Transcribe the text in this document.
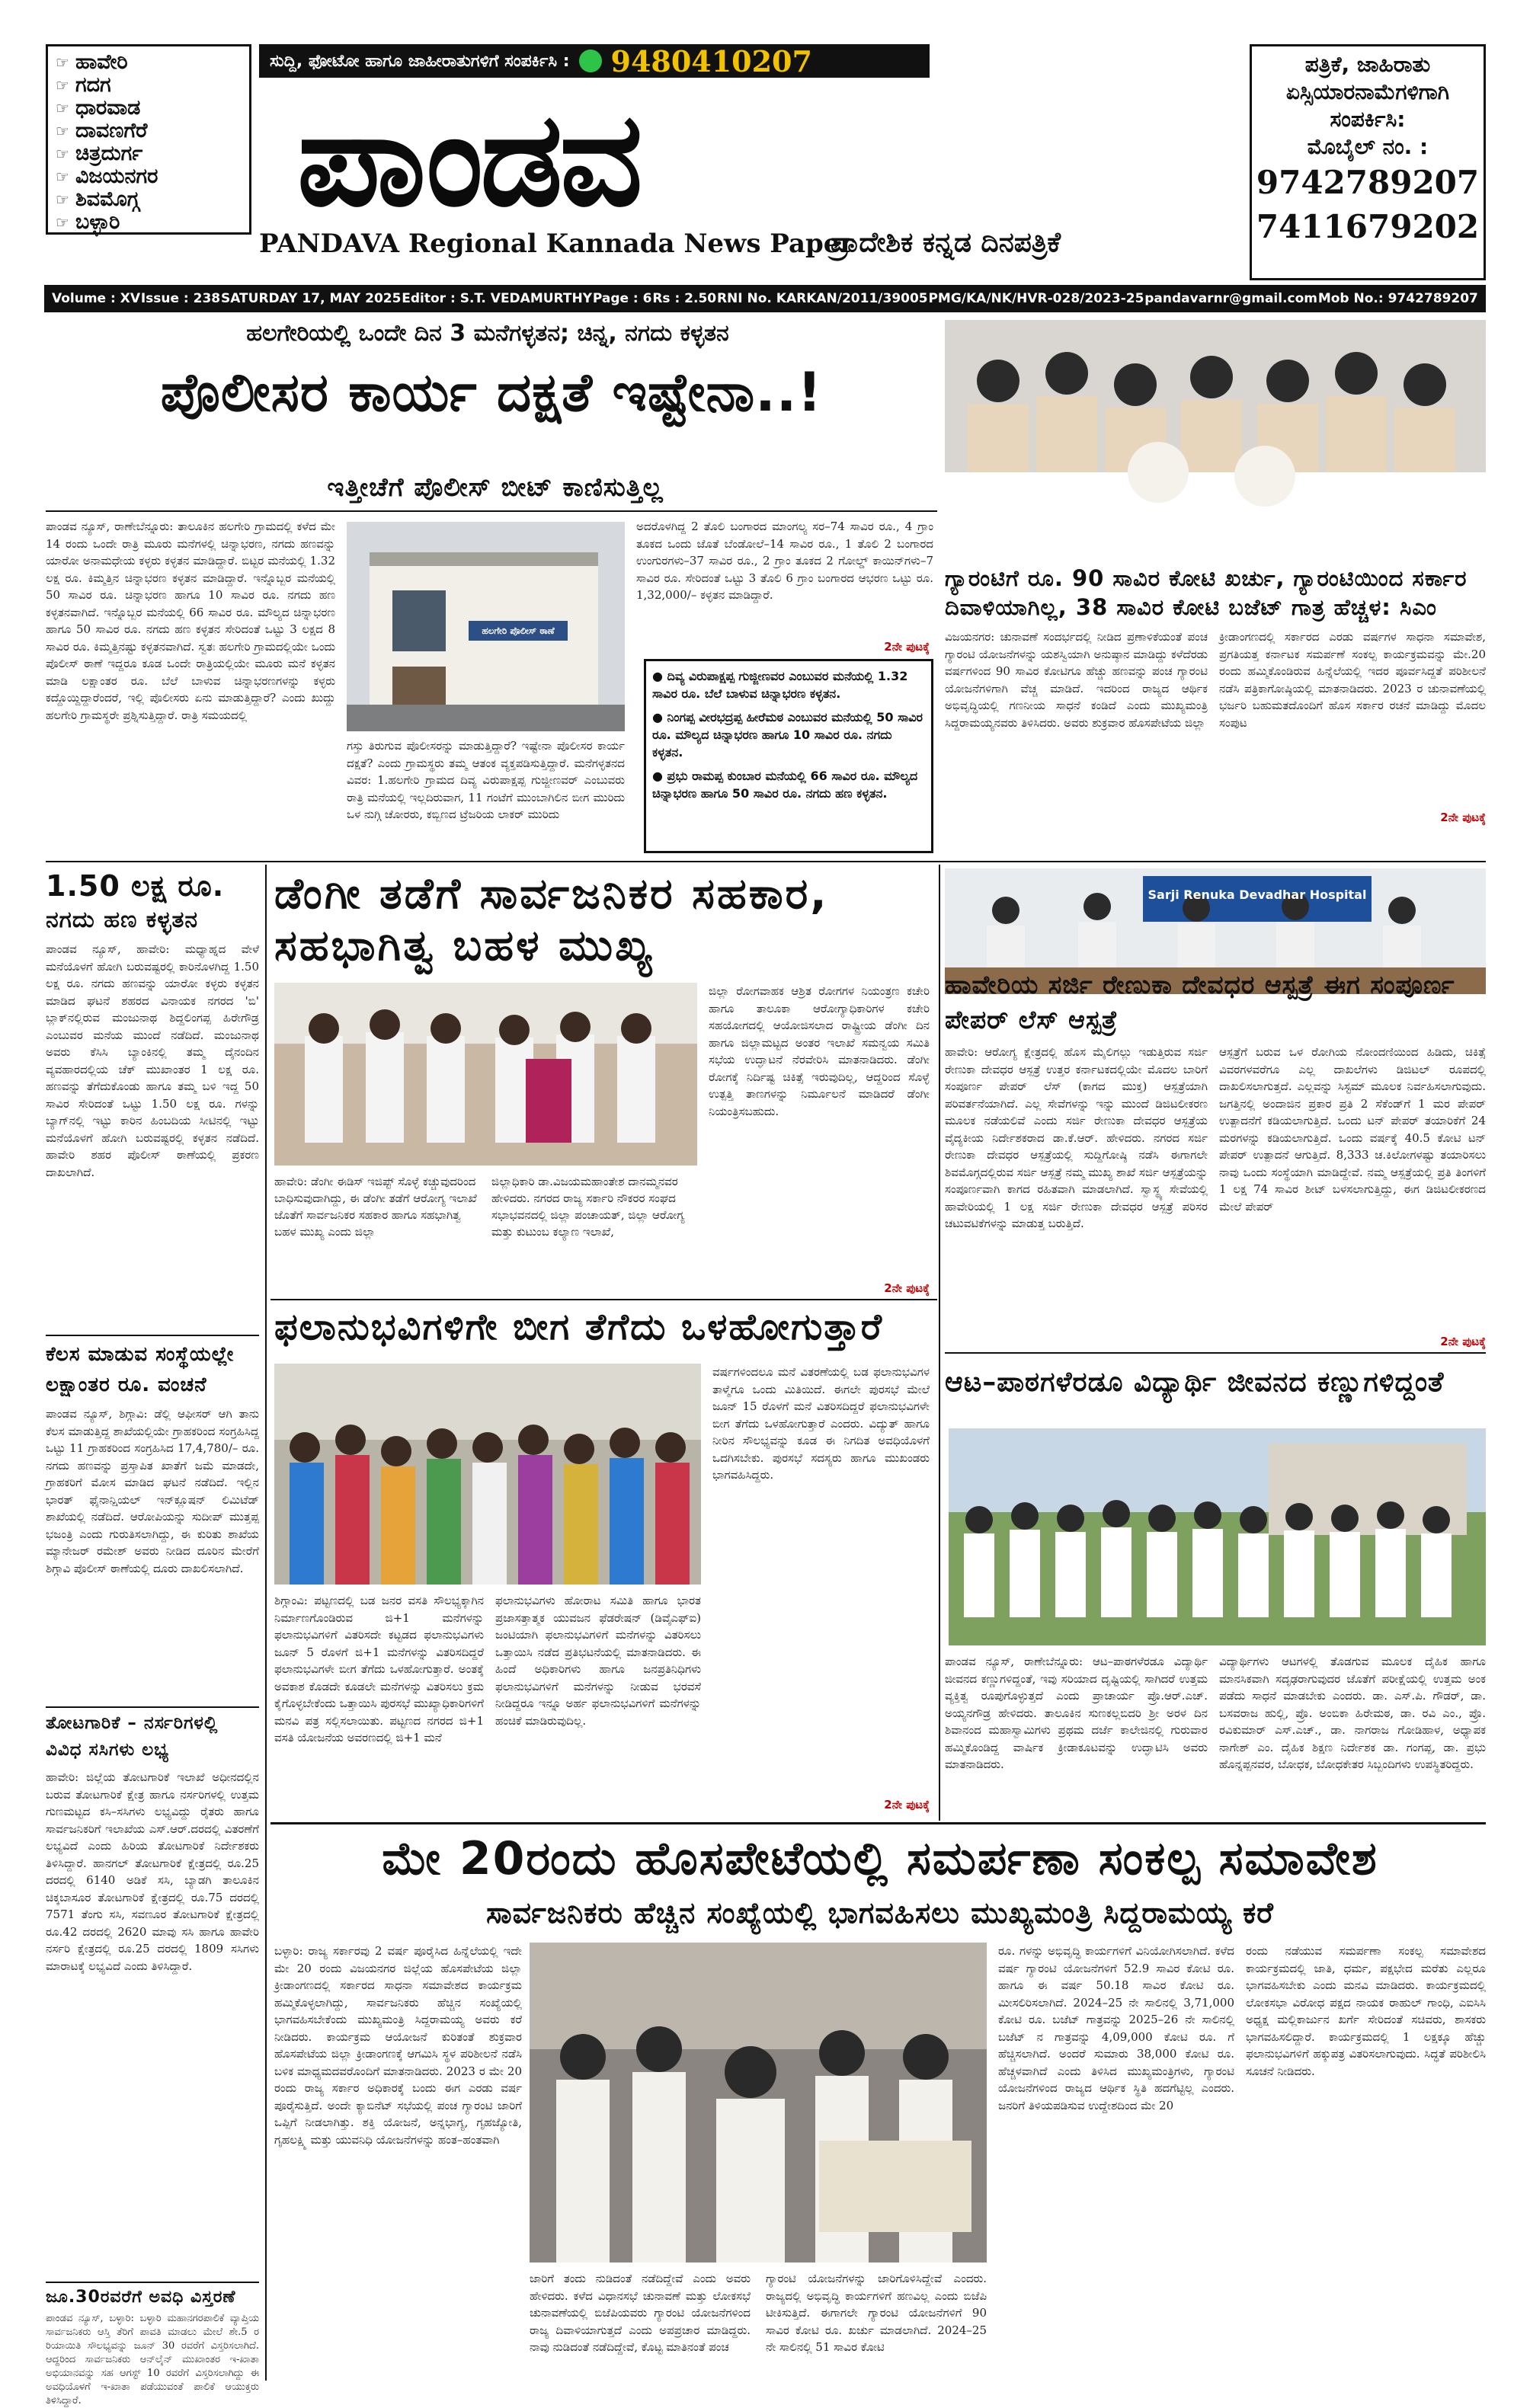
☞ ಹಾವೇರಿ
☞ ಗದಗ
☞ ಧಾರವಾಡ
☞ ದಾವಣಗೆರೆ
☞ ಚಿತ್ರದುರ್ಗ
☞ ವಿಜಯನಗರ
☞ ಶಿವಮೊಗ್ಗ
☞ ಬಳ್ಳಾರಿ
ಸುದ್ದಿ, ಫೋಟೋ ಹಾಗೂ ಜಾಹೀರಾತುಗಳಿಗೆ ಸಂಪರ್ಕಿಸಿ : 9480410207
ಪಾಂಡವ
PANDAVA Regional Kannada News Paper
ಪ್ರಾದೇಶಿಕ ಕನ್ನಡ ದಿನಪತ್ರಿಕೆ
ಪತ್ರಿಕೆ, ಜಾಹಿರಾತು
ಏಸ್ಸಿಯಾರನಾಮೆಗಳಿಗಾಗಿ
ಸಂಪರ್ಕಿಸಿ:
ಮೊಬೈಲ್ ನಂ. :
9742789207
7411679202
Volume : XV Issue : 238 SATURDAY 17, MAY 2025 Editor : S.T. VEDAMURTHY Page : 6 Rs : 2.50 RNI No. KARKAN/2011/39005 PMG/KA/NK/HVR-028/2023-25 pandavarnr@gmail.com Mob No.: 9742789207
ಹಲಗೇರಿಯಲ್ಲಿ ಒಂದೇ ದಿನ 3 ಮನೆಗಳ್ಳತನ; ಚಿನ್ನ, ನಗದು ಕಳ್ಳತನ
ಪೊಲೀಸರ ಕಾರ್ಯ ದಕ್ಷತೆ ಇಷ್ಟೇನಾ..!
ಇತ್ತೀಚೆಗೆ ಪೊಲೀಸ್ ಬೀಟ್ ಕಾಣಿಸುತ್ತಿಲ್ಲ
ಪಾಂಡವ ನ್ಯೂಸ್, ರಾಣೇಬೆನ್ನೂರು: ತಾಲೂಕಿನ ಹಲಗೇರಿ ಗ್ರಾಮದಲ್ಲಿ ಕಳೆದ ಮೇ 14 ರಂದು ಒಂದೇ ರಾತ್ರಿ ಮೂರು ಮನೆಗಳಲ್ಲಿ ಚಿನ್ನಾಭರಣ, ನಗದು ಹಣವನ್ನು ಯಾರೋ ಅನಾಮಧೇಯ ಕಳ್ಳರು ಕಳ್ಳತನ ಮಾಡಿದ್ದಾರೆ. ಬಿಟ್ಟರ ಮನೆಯಲ್ಲಿ 1.32 ಲಕ್ಷ ರೂ. ಕಿಮ್ಮತ್ತಿನ ಚಿನ್ನಾಭರಣ ಕಳ್ಳತನ ಮಾಡಿದ್ದಾರೆ. ಇನ್ನೊಬ್ಬರ ಮನೆಯಲ್ಲಿ 50 ಸಾವಿರ ರೂ. ಚಿನ್ನಾಭರಣ ಹಾಗೂ 10 ಸಾವಿರ ರೂ. ನಗದು ಹಣ ಕಳ್ಳತನವಾಗಿದೆ. ಇನ್ನೊಬ್ಬರ ಮನೆಯಲ್ಲಿ 66 ಸಾವಿರ ರೂ. ಮೌಲ್ಯದ ಚಿನ್ನಾಭರಣ ಹಾಗೂ 50 ಸಾವಿರ ರೂ. ನಗದು ಹಣ ಕಳ್ಳತನ ಸೇರಿದಂತೆ ಒಟ್ಟು 3 ಲಕ್ಷದ 8 ಸಾವಿರ ರೂ. ಕಿಮ್ಮತ್ತಿನಷ್ಟು ಕಳ್ಳತನವಾಗಿದೆ. ಸ್ವತಃ ಹಲಗೇರಿ ಗ್ರಾಮದಲ್ಲಿಯೇ ಒಂದು ಪೊಲೀಸ್ ಠಾಣೆ ಇದ್ದರೂ ಕೂಡ ಒಂದೇ ರಾತ್ರಿಯಲ್ಲಿಯೇ ಮೂರು ಮನೆ ಕಳ್ಳತನ ಮಾಡಿ ಲಕ್ಷಾಂತರ ರೂ. ಬೆಲೆ ಬಾಳುವ ಚಿನ್ನಾಭರಣಗಳನ್ನು ಕಳ್ಳರು ಕದ್ದೊಯ್ದಿದ್ದಾರೆಂದರೆ, ಇಲ್ಲಿ ಪೊಲೀಸರು ಏನು ಮಾಡುತ್ತಿದ್ದಾರೆ? ಎಂದು ಖುದ್ದು ಹಲಗೇರಿ ಗ್ರಾಮಸ್ಥರೇ ಪ್ರಶ್ನಿಸುತ್ತಿದ್ದಾರೆ. ರಾತ್ರಿ ಸಮಯದಲ್ಲಿ
ಹಲಗೇರಿ ಪೊಲೀಸ್ ಠಾಣೆ
ಗಸ್ತು ತಿರುಗುವ ಪೊಲೀಸರನ್ನು ಮಾಡುತ್ತಿದ್ದಾರೆ? ಇಷ್ಟೇನಾ ಪೊಲೀಸರ ಕಾರ್ಯ ದಕ್ಷತೆ? ಎಂದು ಗ್ರಾಮಸ್ಥರು ತಮ್ಮ ಆತಂಕ ವ್ಯಕ್ತಪಡಿಸುತ್ತಿದ್ದಾರೆ. ಮನೆಗಳ್ಳತನದ ವಿವರ: 1.ಹಲಗೇರಿ ಗ್ರಾಮದ ದಿವ್ಯ ವಿರುಪಾಕ್ಷಪ್ಪ ಗುಜ್ಜೀಣವರ್ ಎಂಬುವರು ರಾತ್ರಿ ಮನೆಯಲ್ಲಿ ಇಲ್ಲದಿರುವಾಗ, 11 ಗಂಟೆಗೆ ಮುಂಬಾಗಿಲಿನ ಬೀಗ ಮುರಿದು ಒಳ ನುಗ್ಗಿ ಚೋರರು, ಕಬ್ಬಿಣದ ಟ್ರೆಜರಿಯ ಲಾಕರ್ ಮುರಿದು
ಅದರೊಳಗಿದ್ದ 2 ತೊಲಿ ಬಂಗಾರದ ಮಾಂಗಲ್ಯ ಸರ–74 ಸಾವಿರ ರೂ., 4 ಗ್ರಾಂ ತೂಕದ ಒಂದು ಜೊತೆ ಬೆಂಡೋಲೆ–14 ಸಾವಿರ ರೂ., 1 ತೊಲಿ 2 ಬಂಗಾರದ ಉಂಗುರಗಳು–37 ಸಾವಿರ ರೂ., 2 ಗ್ರಾಂ ತೂಕದ 2 ಗೋಲ್ಡ್ ಕಾಯಿನ್‌ಗಳು–7 ಸಾವಿರ ರೂ. ಸೇರಿದಂತೆ ಒಟ್ಟು 3 ತೊಲಿ 6 ಗ್ರಾಂ ಬಂಗಾರದ ಆಭರಣ ಒಟ್ಟು ರೂ. 1,32,000/– ಕಳ್ಳತನ ಮಾಡಿದ್ದಾರೆ.
2ನೇ ಪುಟಕ್ಕೆ
● ದಿವ್ಯ ವಿರುಪಾಕ್ಷಪ್ಪ ಗುಜ್ಜೀಣವರ ಎಂಬುವರ ಮನೆಯಲ್ಲಿ 1.32 ಸಾವಿರ ರೂ. ಬೆಲೆ ಬಾಳುವ ಚಿನ್ನಾಭರಣ ಕಳ್ಳತನ.
● ನಿಂಗಪ್ಪ ವೀರಭದ್ರಪ್ಪ ಹೀರೆಮಠ ಎಂಬುವರ ಮನೆಯಲ್ಲಿ 50 ಸಾವಿರ ರೂ. ಮೌಲ್ಯದ ಚಿನ್ನಾಭರಣ ಹಾಗೂ 10 ಸಾವಿರ ರೂ. ನಗದು ಕಳ್ಳತನ.
● ಪ್ರಭು ರಾಮಪ್ಪ ಕುಂಬಾರ ಮನೆಯಲ್ಲಿ 66 ಸಾವಿರ ರೂ. ಮೌಲ್ಯದ ಚಿನ್ನಾಭರಣ ಹಾಗೂ 50 ಸಾವಿರ ರೂ. ನಗದು ಹಣ ಕಳ್ಳತನ.
ಗ್ಯಾರಂಟಿಗೆ ರೂ. 90 ಸಾವಿರ ಕೋಟಿ ಖರ್ಚು, ಗ್ಯಾರಂಟಿಯಿಂದ ಸರ್ಕಾರ ದಿವಾಳಿಯಾಗಿಲ್ಲ, 38 ಸಾವಿರ ಕೋಟಿ ಬಜೆಟ್ ಗಾತ್ರ ಹೆಚ್ಚಳ: ಸಿಎಂ
ವಿಜಯನಗರ: ಚುನಾವಣೆ ಸಂದರ್ಭದಲ್ಲಿ ನೀಡಿದ ಪ್ರಣಾಳಿಕೆಯಂತೆ ಪಂಚ ಗ್ಯಾರಂಟಿ ಯೋಜನೆಗಳನ್ನು ಯಶಸ್ವಿಯಾಗಿ ಅನುಷ್ಠಾನ ಮಾಡಿದ್ದು ಕಳೆದೆರಡು ವರ್ಷಗಳಿಂದ 90 ಸಾವಿರ ಕೋಟಿಗೂ ಹೆಚ್ಚು ಹಣವನ್ನು ಪಂಚ ಗ್ಯಾರಂಟಿ ಯೋಜನೆಗಳಿಗಾಗಿ ವೆಚ್ಚ ಮಾಡಿದೆ. ಇದರಿಂದ ರಾಜ್ಯದ ಆರ್ಥಿಕ ಅಭಿವೃದ್ಧಿಯಲ್ಲಿ ಗಣನೀಯ ಸಾಧನೆ ಕಂಡಿದೆ ಎಂದು ಮುಖ್ಯಮಂತ್ರಿ ಸಿದ್ದರಾಮಯ್ಯನವರು ತಿಳಿಸಿದರು. ಅವರು ಶುಕ್ರವಾರ ಹೊಸಪೇಟೆಯ ಜಿಲ್ಲಾ
ಕ್ರೀಡಾಂಗಣದಲ್ಲಿ ಸರ್ಕಾರದ ಎರಡು ವರ್ಷಗಳ ಸಾಧನಾ ಸಮಾವೇಶ, ಪ್ರಗತಿಯತ್ತ ಕರ್ನಾಟಕ ಸಮರ್ಪಣೆ ಸಂಕಲ್ಪ ಕಾರ್ಯಕ್ರಮವನ್ನು ಮೇ.20 ರಂದು ಹಮ್ಮಿಕೊಂಡಿರುವ ಹಿನ್ನೆಲೆಯಲ್ಲಿ ಇದರ ಪೂರ್ವಸಿದ್ದತೆ ಪರಿಶೀಲನೆ ನಡೆಸಿ ಪತ್ರಿಕಾಗೋಷ್ಠಿಯಲ್ಲಿ ಮಾತನಾಡಿದರು. 2023 ರ ಚುನಾವಣೆಯಲ್ಲಿ ಭರ್ಜರಿ ಬಹುಮತದೊಂದಿಗೆ ಹೊಸ ಸರ್ಕಾರ ರಚನೆ ಮಾಡಿದ್ದು ಮೊದಲ ಸಂಪುಟ
2ನೇ ಪುಟಕ್ಕೆ
1.50 ಲಕ್ಷ ರೂ.
ನಗದು ಹಣ ಕಳ್ಳತನ
ಪಾಂಡವ ನ್ಯೂಸ್, ಹಾವೇರಿ: ಮಧ್ಯಾಹ್ನದ ವೇಳೆ ಮನೆಯೊಳಗೆ ಹೋಗಿ ಬರುವಷ್ಟರಲ್ಲಿ ಕಾರಿನೊಳಗಿದ್ದ 1.50 ಲಕ್ಷ ರೂ. ನಗದು ಹಣವನ್ನು ಯಾರೋ ಕಳ್ಳರು ಕಳ್ಳತನ ಮಾಡಿದ ಘಟನೆ ಶಹರದ ವಿನಾಯಕ ನಗರದ 'ಬಿ' ಬ್ಲಾಕ್‌ನಲ್ಲಿರುವ ಮಂಜುನಾಥ ಶಿದ್ದಲಿಂಗಪ್ಪ ಹಿರೇಗೌಡ್ರ ಎಂಬುವರ ಮನೆಯ ಮುಂದೆ ನಡೆದಿದೆ. ಮಂಜುನಾಥ ಅವರು ಕೆಸಿಸಿ ಬ್ಯಾಂಕಿನಲ್ಲಿ ತಮ್ಮ ದೈನಂದಿನ ವ್ಯವಹಾರದಲ್ಲಿಯ ಚೆಕ್ ಮುಖಾಂತರ 1 ಲಕ್ಷ ರೂ. ಹಣವನ್ನು ತೆಗೆದುಕೊಂಡು ಹಾಗೂ ತಮ್ಮ ಬಳಿ ಇದ್ದ 50 ಸಾವಿರ ಸೇರಿದಂತೆ ಒಟ್ಟು 1.50 ಲಕ್ಷ ರೂ. ಗಳನ್ನು ಬ್ಯಾಗ್‌ನಲ್ಲಿ ಇಟ್ಟು ಕಾರಿನ ಹಿಂಬದಿಯ ಸೀಟಿನಲ್ಲಿ ಇಟ್ಟು ಮನೆಯೊಳಗೆ ಹೋಗಿ ಬರುವಷ್ಟರಲ್ಲಿ ಕಳ್ಳತನ ನಡೆದಿದೆ. ಹಾವೇರಿ ಶಹರ ಪೊಲೀಸ್ ಠಾಣೆಯಲ್ಲಿ ಪ್ರಕರಣ ದಾಖಲಾಗಿದೆ.
ಕೆಲಸ ಮಾಡುವ ಸಂಸ್ಥೆಯಲ್ಲೇ
ಲಕ್ಷಾಂತರ ರೂ. ವಂಚನೆ
ಪಾಂಡವ ನ್ಯೂಸ್, ಶಿಗ್ಗಾವಿ: ಡೆಲ್ಲಿ ಆಫೀಸರ್ ಆಗಿ ತಾನು ಕೆಲಸ ಮಾಡುತ್ತಿದ್ದ ಶಾಖೆಯಲ್ಲಿಯೇ ಗ್ರಾಹಕರಿಂದ ಸಂಗ್ರಹಿಸಿದ್ದ ಒಟ್ಟು 11 ಗ್ರಾಹಕರಿಂದ ಸಂಗ್ರಹಿಸಿದ 17,4,780/– ರೂ. ನಗದು ಹಣವನ್ನು ಪ್ರಸ್ತಾಪಿತ ಖಾತೆಗೆ ಜಮೆ ಮಾಡದೇ, ಗ್ರಾಹಕರಿಗೆ ಮೋಸ ಮಾಡಿದ ಘಟನೆ ನಡೆದಿದೆ. ಇಲ್ಲಿನ ಭಾರತ್ ಫೈನಾನ್ಷಿಯಲ್ ಇನ್‌ಕ್ಲೂಷನ್ ಲಿಮಿಟೆಡ್ ಶಾಖೆಯಲ್ಲಿ ನಡೆದಿದೆ. ಆರೋಪಿಯನ್ನು ಸುದೀಪ್ ಮುತ್ತಪ್ಪ ಭಜಂತ್ರಿ ಎಂದು ಗುರುತಿಸಲಾಗಿದ್ದು, ಈ ಕುರಿತು ಶಾಖೆಯ ಮ್ಯಾನೇಜರ್ ರಮೇಶ್ ಅವರು ನೀಡಿದ ದೂರಿನ ಮೇರೆಗೆ ಶಿಗ್ಗಾವಿ ಪೊಲೀಸ್ ಠಾಣೆಯಲ್ಲಿ ದೂರು ದಾಖಲಿಸಲಾಗಿದೆ.
ತೋಟಗಾರಿಕೆ – ನರ್ಸರಿಗಳಲ್ಲಿ
ವಿವಿಧ ಸಸಿಗಳು ಲಭ್ಯ
ಹಾವೇರಿ: ಜಿಲ್ಲೆಯ ತೋಟಗಾರಿಕೆ ಇಲಾಖೆ ಅಧೀನದಲ್ಲಿನ ಬರುವ ತೋಟಗಾರಿಕೆ ಕ್ಷೇತ್ರ ಹಾಗೂ ನರ್ಸರಿಗಳಲ್ಲಿ ಉತ್ತಮ ಗುಣಮಟ್ಟದ ಕಸಿ–ಸಸಿಗಳು ಲಭ್ಯವಿದ್ದು ರೈತರು ಹಾಗೂ ಸಾರ್ವಜನಿಕರಿಗೆ ಇಲಾಖೆಯ ಎಸ್.ಆರ್.ದರದಲ್ಲಿ ವಿತರಣೆಗೆ ಲಭ್ಯವಿದೆ ಎಂದು ಹಿರಿಯ ತೋಟಗಾರಿಕೆ ನಿರ್ದೇಶಕರು ತಿಳಿಸಿದ್ದಾರೆ. ಹಾನಗಲ್ ತೋಟಗಾರಿಕೆ ಕ್ಷೇತ್ರದಲ್ಲಿ ರೂ.25 ದರದಲ್ಲಿ 6140 ಅಡಿಕೆ ಸಸಿ, ಬ್ಯಾಡಗಿ ತಾಲೂಕಿನ ಚಿಕ್ಕಬಾಸೂರ ತೋಟಗಾರಿಕೆ ಕ್ಷೇತ್ರದಲ್ಲಿ ರೂ.75 ದರದಲ್ಲಿ 7571 ತೆಂಗು ಸಸಿ, ಸವಣೂರ ತೋಟಗಾರಿಕೆ ಕ್ಷೇತ್ರದಲ್ಲಿ ರೂ.42 ದರದಲ್ಲಿ 2620 ಮಾವು ಸಸಿ ಹಾಗೂ ಹಾವೇರಿ ನರ್ಸರಿ ಕ್ಷೇತ್ರದಲ್ಲಿ ರೂ.25 ದರದಲ್ಲಿ 1809 ಸಸಿಗಳು ಮಾರಾಟಕ್ಕೆ ಲಭ್ಯವಿದೆ ಎಂದು ತಿಳಿಸಿದ್ದಾರೆ.
ಜೂ.30ರವರೆಗೆ ಅವಧಿ ವಿಸ್ತರಣೆ
ಪಾಂಡವ ನ್ಯೂಸ್, ಬಳ್ಳಾರಿ: ಬಳ್ಳಾರಿ ಮಹಾನಗರಪಾಲಿಕೆ ವ್ಯಾಪ್ತಿಯ ಸಾರ್ವಜನಿಕರು ಆಸ್ತಿ ತೆರಿಗೆ ಪಾವತಿ ಮಾಡಲು ಮೇಲೆ ಶೇ.5 ರ ರಿಯಾಯಿತಿ ಸೌಲಭ್ಯವನ್ನು ಜೂನ್ 30 ರವರೆಗೆ ವಿಸ್ತರಿಸಲಾಗಿದೆ. ಆದ್ದರಿಂದ ಸಾರ್ವಜನಿಕರು ಆನ್‌ಲೈನ್ ಮುಖಾಂತರ ಇ-ಖಾತಾ ಅಭಿಯಾನವನ್ನು ಸಹ ಆಗಸ್ಟ್ 10 ರವರೆಗೆ ವಿಸ್ತರಿಸಲಾಗಿದ್ದು ಈ ಅವಧಿಯೊಳಗೆ ಇ-ಖಾತಾ ಪಡೆಯುವಂತೆ ಪಾಲಿಕೆ ಆಯುಕ್ತರು ತಿಳಿಸಿದ್ದಾರೆ.
ಡೆಂಗೀ ತಡೆಗೆ ಸಾರ್ವಜನಿಕರ ಸಹಕಾರ, ಸಹಭಾಗಿತ್ವ ಬಹಳ ಮುಖ್ಯ
ಹಾವೇರಿ: ಡೆಂಗೀ ಈಡಿಸ್ ಇಜಿಪ್ಟ್ ಸೊಳ್ಳೆ ಕಚ್ಚುವುದರಿಂದ ಬಾಧಿಸುವುದಾಗಿದ್ದು, ಈ ಡೆಂಗೀ ತಡೆಗೆ ಆರೋಗ್ಯ ಇಲಾಖೆ ಜೊತೆಗೆ ಸಾರ್ವಜನಿಕರ ಸಹಕಾರ ಹಾಗೂ ಸಹಭಾಗಿತ್ವ ಬಹಳ ಮುಖ್ಯ ಎಂದು ಜಿಲ್ಲಾ
ಜಿಲ್ಲಾಧಿಕಾರಿ ಡಾ.ವಿಜಯಮಹಾಂತೇಶ ದಾನಮ್ಮನವರ ಹೇಳಿದರು. ನಗರದ ರಾಜ್ಯ ಸರ್ಕಾರಿ ನೌಕರರ ಸಂಘದ ಸಭಾಭವನದಲ್ಲಿ ಜಿಲ್ಲಾ ಪಂಚಾಯತ್, ಜಿಲ್ಲಾ ಆರೋಗ್ಯ ಮತ್ತು ಕುಟುಂಬ ಕಲ್ಯಾಣ ಇಲಾಖೆ,
ಜಿಲ್ಲಾ ರೋಗವಾಹಕ ಆಶ್ರಿತ ರೋಗಗಳ ನಿಯಂತ್ರಣ ಕಚೇರಿ ಹಾಗೂ ತಾಲೂಕಾ ಆರೋಗ್ಯಾಧಿಕಾರಿಗಳ ಕಚೇರಿ ಸಹಯೋಗದಲ್ಲಿ ಆಯೋಜಿಸಲಾದ ರಾಷ್ಟ್ರೀಯ ಡೆಂಗೀ ದಿನ ಹಾಗೂ ಜಿಲ್ಲಾಮಟ್ಟದ ಅಂತರ ಇಲಾಖೆ ಸಮನ್ವಯ ಸಮಿತಿ ಸಭೆಯ ಉದ್ಘಾಟನೆ ನೆರವೇರಿಸಿ ಮಾತನಾಡಿದರು. ಡೆಂಗೀ ರೋಗಕ್ಕೆ ನಿರ್ದಿಷ್ಟ ಚಿಕಿತ್ಸೆ ಇರುವುದಿಲ್ಲ, ಆದ್ದರಿಂದ ಸೊಳ್ಳೆ ಉತ್ಪತ್ತಿ ತಾಣಗಳನ್ನು ನಿರ್ಮೂಲನೆ ಮಾಡಿದರೆ ಡೆಂಗೀ ನಿಯಂತ್ರಿಸಬಹುದು.
2ನೇ ಪುಟಕ್ಕೆ
ಫಲಾನುಭವಿಗಳಿಗೇ ಬೀಗ ತೆಗೆದು ಒಳಹೋಗುತ್ತಾರೆ
ಶಿಗ್ಗಾಂವಿ: ಪಟ್ಟಣದಲ್ಲಿ ಬಡ ಜನರ ವಸತಿ ಸೌಲಭ್ಯಕ್ಕಾಗಿನ ನಿರ್ಮಾಣಗೊಂಡಿರುವ ಜಿ+1 ಮನೆಗಳನ್ನು ಫಲಾನುಭವಿಗಳಿಗೆ ವಿತರಿಸದೇ ಕಟ್ಟಡದ ಫಲಾನುಭವಿಗಳು ಜೂನ್ 5 ರೊಳಗೆ ಜಿ+1 ಮನೆಗಳನ್ನು ವಿತರಿಸದಿದ್ದರೆ ಫಲಾನುಭವಿಗಳೇ ಬೀಗ ತೆಗೆದು ಒಳಹೋಗುತ್ತಾರೆ. ಅಂತಕ್ಕೆ ಅವಕಾಶ ಕೊಡದೇ ಕೂಡಲೇ ಮನೆಗಳನ್ನು ವಿತರಿಸಲು ಕ್ರಮ ಕೈಗೊಳ್ಳಬೇಕೆಂದು ಒತ್ತಾಯಿಸಿ ಪುರಸಭೆ ಮುಖ್ಯಾಧಿಕಾರಿಗಳಿಗೆ ಮನವಿ ಪತ್ರ ಸಲ್ಲಿಸಲಾಯಿತು. ಪಟ್ಟಣದ ನಗರದ ಜಿ+1 ವಸತಿ ಯೋಜನೆಯ ಅವರಣದಲ್ಲಿ ಜಿ+1 ಮನೆ
ಫಲಾನುಭವಿಗಳು ಹೋರಾಟ ಸಮಿತಿ ಹಾಗೂ ಭಾರತ ಪ್ರಜಾಸತ್ತಾತ್ಮಕ ಯುವಜನ ಫೆಡರೇಷನ್ (ಡಿವೈಎಫ್‌ಐ) ಜಂಟಿಯಾಗಿ ಫಲಾನುಭವಿಗಳಿಗೆ ಮನೆಗಳನ್ನು ವಿತರಿಸಲು ಒತ್ತಾಯಿಸಿ ನಡೆದ ಪ್ರತಿಭಟನೆಯಲ್ಲಿ ಮಾತನಾಡಿದರು. ಈ ಹಿಂದೆ ಅಧಿಕಾರಿಗಳು ಹಾಗೂ ಜನಪ್ರತಿನಿಧಿಗಳು ಫಲಾನುಭವಿಗಳಿಗೆ ಮನೆಗಳನ್ನು ನೀಡುವ ಭರವಸೆ ನೀಡಿದ್ದರೂ ಇನ್ನೂ ಅರ್ಹ ಫಲಾನುಭವಿಗಳಿಗೆ ಮನೆಗಳನ್ನು ಹಂಚಿಕೆ ಮಾಡಿರುವುದಿಲ್ಲ.
ವರ್ಷಗಳಿಂದಲೂ ಮನೆ ವಿತರಣೆಯಲ್ಲಿ ಬಡ ಫಲಾನುಭವಿಗಳ ತಾಳ್ಮೆಗೂ ಒಂದು ಮಿತಿಯಿದೆ. ಈಗಲೇ ಪುರಸಭೆ ಮೇಲೆ ಜೂನ್ 15 ರೊಳಗೆ ಮನೆ ವಿತರಿಸದಿದ್ದರೆ ಫಲಾನುಭವಿಗಳೇ ಬೀಗ ತೆಗೆದು ಒಳಹೋಗುತ್ತಾರೆ ಎಂದರು. ವಿದ್ಯುತ್ ಹಾಗೂ ನೀರಿನ ಸೌಲಭ್ಯವನ್ನು ಕೂಡ ಈ ನಿಗದಿತ ಅವಧಿಯೊಳಗೆ ಒದಗಿಸಬೇಕು. ಪುರಸಭೆ ಸದಸ್ಯರು ಹಾಗೂ ಮುಖಂಡರು ಭಾಗವಹಿಸಿದ್ದರು.
2ನೇ ಪುಟಕ್ಕೆ
Sarji Renuka Devadhar Hospital
ಹಾವೇರಿಯ ಸರ್ಜಿ ರೇಣುಕಾ ದೇವಧರ ಆಸ್ಪತ್ರೆ ಈಗ ಸಂಪೂರ್ಣ ಪೇಪರ್ ಲೆಸ್ ಆಸ್ಪತ್ರೆ
ಹಾವೇರಿ: ಆರೋಗ್ಯ ಕ್ಷೇತ್ರದಲ್ಲಿ ಹೊಸ ಮೈಲಿಗಲ್ಲು ಇಡುತ್ತಿರುವ ಸರ್ಜಿ ರೇಣುಕಾ ದೇವಧರ ಆಸ್ಪತ್ರೆ ಉತ್ತರ ಕರ್ನಾಟಕದಲ್ಲಿಯೇ ಮೊದಲ ಬಾರಿಗೆ ಸಂಪೂರ್ಣ ಪೇಪರ್ ಲೆಸ್ (ಕಾಗದ ಮುಕ್ತ) ಆಸ್ಪತ್ರೆಯಾಗಿ ಪರಿವರ್ತನೆಯಾಗಿದೆ. ಎಲ್ಲ ಸೇವೆಗಳನ್ನು ಇನ್ನು ಮುಂದೆ ಡಿಜಿಟಲೀಕರಣ ಮೂಲಕ ನಡೆಯಲಿವೆ ಎಂದು ಸರ್ಜಿ ರೇಣುಕಾ ದೇವಧರ ಆಸ್ಪತ್ರೆಯ ವೈದ್ಯಕೀಯ ನಿರ್ದೇಶಕರಾದ ಡಾ.ಕೆ.ಆರ್. ಹೇಳಿದರು. ನಗರದ ಸರ್ಜಿ ರೇಣುಕಾ ದೇವಧರ ಆಸ್ಪತ್ರೆಯಲ್ಲಿ ಸುದ್ದಿಗೋಷ್ಠಿ ನಡೆಸಿ ಈಗಾಗಲೇ ಶಿವಮೊಗ್ಗದಲ್ಲಿರುವ ಸರ್ಜಿ ಆಸ್ಪತ್ರೆ ನಮ್ಮ ಮುಖ್ಯ ಶಾಖೆ ಸರ್ಜಿ ಆಸ್ಪತ್ರೆಯನ್ನು ಸಂಪೂರ್ಣವಾಗಿ ಕಾಗದ ರಹಿತವಾಗಿ ಮಾಡಲಾಗಿದೆ. ಸ್ವಾಸ್ಥ್ಯ ಸೇವೆಯಲ್ಲಿ ಹಾವೇರಿಯಲ್ಲಿ 1 ಲಕ್ಷ ಸರ್ಜಿ ರೇಣುಕಾ ದೇವಧರ ಆಸ್ಪತ್ರೆ ಪರಿಸರ ಚಟುವಟಿಕೆಗಳನ್ನು ಮಾಡುತ್ತ ಬರುತ್ತಿದೆ.
ಆಸ್ಪತ್ರೆಗೆ ಬರುವ ಒಳ ರೋಗಿಯ ನೋಂದಣಿಯಿಂದ ಹಿಡಿದು, ಚಿಕಿತ್ಸೆ ವಿವರಗಳವರೆಗೂ ಎಲ್ಲ ದಾಖಲೆಗಳು ಡಿಜಿಟಲ್ ರೂಪದಲ್ಲಿ ದಾಖಲಿಸಲಾಗುತ್ತದೆ. ಎಲ್ಲವನ್ನು ಸಿಸ್ಟಮ್ ಮೂಲಕ ನಿರ್ವಹಿಸಲಾಗುವುದು. ಜಗತ್ತಿನಲ್ಲಿ ಅಂದಾಜಿನ ಪ್ರಕಾರ ಪ್ರತಿ 2 ಸೆಕೆಂಡ್‌ಗೆ 1 ಮರ ಪೇಪರ್ ಉತ್ಪಾದನೆಗೆ ಕಡಿಯಲಾಗುತ್ತಿದೆ. ಒಂದು ಟನ್ ಪೇಪರ್ ತಯಾರಿಕೆಗೆ 24 ಮರಗಳನ್ನು ಕಡಿಯಲಾಗುತ್ತಿದೆ. ಒಂದು ವರ್ಷಕ್ಕೆ 40.5 ಕೋಟಿ ಟನ್ ಪೇಪರ್ ಉತ್ಪಾದನೆ ಆಗುತ್ತಿದೆ. 8,333 ಚ.ಕಿಲೋಗಳಷ್ಟು ತಯಾರಿಸಲು ನಾವು ಒಂದು ಸಂಸ್ಥೆಯಾಗಿ ಮಾಡಿದ್ದೇವೆ. ನಮ್ಮ ಆಸ್ಪತ್ರೆಯಲ್ಲಿ ಪ್ರತಿ ತಿಂಗಳಿಗೆ 1 ಲಕ್ಷ 74 ಸಾವಿರ ಶೀಟ್ ಬಳಸಲಾಗುತ್ತಿದ್ದು, ಈಗ ಡಿಜಿಟಲೀಕರಣದ ಮೇಲೆ ಪೇಪರ್
2ನೇ ಪುಟಕ್ಕೆ
ಆಟ–ಪಾಠಗಳೆರಡೂ ವಿದ್ಯಾರ್ಥಿ ಜೀವನದ ಕಣ್ಣುಗಳಿದ್ದಂತೆ
ಪಾಂಡವ ನ್ಯೂಸ್, ರಾಣೇಬೆನ್ನೂರು: ಆಟ–ಪಾಠಗಳೆರಡೂ ವಿದ್ಯಾರ್ಥಿ ಜೀವನದ ಕಣ್ಣುಗಳಿದ್ದಂತೆ, ಇವು ಸರಿಯಾದ ದೃಷ್ಟಿಯಲ್ಲಿ ಸಾಗಿದರೆ ಉತ್ತಮ ವ್ಯಕ್ತಿತ್ವ ರೂಪುಗೊಳ್ಳುತ್ತದೆ ಎಂದು ಪ್ರಾಚಾರ್ಯ ಪ್ರೊ.ಆರ್.ಎಚ್. ಅಯ್ಯನಗೌಡ್ರ ಹೇಳಿದರು. ತಾಲೂಕಿನ ಸುಣಕಲ್ಲಬಿದರಿ ಶ್ರೀ ಅರಳ ದಿನ ಶಿವಾನಂದ ಮಹಾಸ್ವಾಮಿಗಳು ಪ್ರಥಮ ದರ್ಜೆ ಕಾಲೇಜಿನಲ್ಲಿ ಗುರುವಾರ ಹಮ್ಮಿಕೊಂಡಿದ್ದ ವಾರ್ಷಿಕ ಕ್ರೀಡಾಕೂಟವನ್ನು ಉದ್ಘಾಟಿಸಿ ಅವರು ಮಾತನಾಡಿದರು.
ವಿದ್ಯಾರ್ಥಿಗಳು ಆಟಗಳಲ್ಲಿ ತೊಡಗುವ ಮೂಲಕ ದೈಹಿಕ ಹಾಗೂ ಮಾನಸಿಕವಾಗಿ ಸದೃಢರಾಗುವುದರ ಜೊತೆಗೆ ಪರೀಕ್ಷೆಯಲ್ಲಿ ಉತ್ತಮ ಅಂಕ ಪಡೆದು ಸಾಧನೆ ಮಾಡಬೇಕು ಎಂದರು. ಡಾ. ಎಸ್.ಪಿ. ಗೌಡರ್, ಡಾ. ಬಸವರಾಜ ಹುಲ್ಲಿ, ಪ್ರೊ. ಅಂಬಿಕಾ ಹಿರೇಮಠ, ಡಾ. ರವಿ ಎಂ., ಪ್ರೊ. ರವಿಕುಮಾರ್ ಎಸ್.ಎಚ್., ಡಾ. ನಾಗರಾಜ ಗೋಡಿಹಾಳ, ಅಧ್ಯಾಪಕ ನಾಗೇಶ್ ಎಂ. ದೈಹಿಕ ಶಿಕ್ಷಣ ನಿರ್ದೇಶಕ ಡಾ. ಗಂಗಪ್ಪ, ಡಾ. ಪ್ರಭು ಹೊನ್ನಪ್ಪನವರ, ಬೋಧಕ, ಬೋಧಕೇತರ ಸಿಬ್ಬಂದಿಗಳು ಉಪಸ್ಥಿತರಿದ್ದರು.
ಮೇ 20ರಂದು ಹೊಸಪೇಟೆಯಲ್ಲಿ ಸಮರ್ಪಣಾ ಸಂಕಲ್ಪ ಸಮಾವೇಶ
ಸಾರ್ವಜನಿಕರು ಹೆಚ್ಚಿನ ಸಂಖ್ಯೆಯಲ್ಲಿ ಭಾಗವಹಿಸಲು ಮುಖ್ಯಮಂತ್ರಿ ಸಿದ್ದರಾಮಯ್ಯ ಕರೆ
ಬಳ್ಳಾರಿ: ರಾಜ್ಯ ಸರ್ಕಾರವು 2 ವರ್ಷ ಪೂರೈಸಿದ ಹಿನ್ನೆಲೆಯಲ್ಲಿ ಇದೇ ಮೇ 20 ರಂದು ವಿಜಯನಗರ ಜಿಲ್ಲೆಯ ಹೊಸಪೇಟೆಯ ಜಿಲ್ಲಾ ಕ್ರೀಡಾಂಗಣದಲ್ಲಿ ಸರ್ಕಾರದ ಸಾಧನಾ ಸಮಾವೇಶದ ಕಾರ್ಯಕ್ರಮ ಹಮ್ಮಿಕೊಳ್ಳಲಾಗಿದ್ದು, ಸಾರ್ವಜನಿಕರು ಹೆಚ್ಚಿನ ಸಂಖ್ಯೆಯಲ್ಲಿ ಭಾಗವಹಿಸಬೇಕೆಂದು ಮುಖ್ಯಮಂತ್ರಿ ಸಿದ್ದರಾಮಯ್ಯ ಅವರು ಕರೆ ನೀಡಿದರು. ಕಾರ್ಯಕ್ರಮ ಆಯೋಜನೆ ಕುರಿತಂತೆ ಶುಕ್ರವಾರ ಹೊಸಪೇಟೆಯ ಜಿಲ್ಲಾ ಕ್ರೀಡಾಂಗಣಕ್ಕೆ ಆಗಮಿಸಿ ಸ್ಥಳ ಪರಿಶೀಲನೆ ನಡೆಸಿ ಬಳಿಕ ಮಾಧ್ಯಮದವರೊಂದಿಗೆ ಮಾತನಾಡಿದರು. 2023 ರ ಮೇ 20 ರಂದು ರಾಜ್ಯ ಸರ್ಕಾರ ಅಧಿಕಾರಕ್ಕೆ ಬಂದು ಈಗ ಎರಡು ವರ್ಷ ಪೂರೈಸುತ್ತಿದೆ. ಅಂದೇ ಕ್ಯಾಬಿನೆಟ್ ಸಭೆಯಲ್ಲಿ ಪಂಚ ಗ್ಯಾರಂಟಿ ಜಾರಿಗೆ ಒಪ್ಪಿಗೆ ನೀಡಲಾಗಿತ್ತು. ಶಕ್ತಿ ಯೋಜನೆ, ಅನ್ನಭಾಗ್ಯ, ಗೃಹಜ್ಯೋತಿ, ಗೃಹಲಕ್ಷ್ಮಿ ಮತ್ತು ಯುವನಿಧಿ ಯೋಜನೆಗಳನ್ನು ಹಂತ–ಹಂತವಾಗಿ
ಜಾರಿಗೆ ತಂದು ನುಡಿದಂತೆ ನಡೆದಿದ್ದೇವೆ ಎಂದು ಅವರು ಹೇಳಿದರು. ಕಳೆದ ವಿಧಾನಸಭೆ ಚುನಾವಣೆ ಮತ್ತು ಲೋಕಸಭೆ ಚುನಾವಣೆಯಲ್ಲಿ ಬಿಜೆಪಿಯವರು ಗ್ಯಾರಂಟಿ ಯೋಜನೆಗಳಿಂದ ರಾಜ್ಯ ದಿವಾಳಿಯಾಗುತ್ತದೆ ಎಂದು ಅಪಪ್ರಚಾರ ಮಾಡಿದ್ದರು. ನಾವು ನುಡಿದಂತೆ ನಡೆದಿದ್ದೇವೆ, ಕೊಟ್ಟ ಮಾತಿನಂತೆ ಪಂಚ
ಗ್ಯಾರಂಟಿ ಯೋಜನೆಗಳನ್ನು ಜಾರಿಗೊಳಿಸಿದ್ದೇವೆ ಎಂದರು. ರಾಜ್ಯದಲ್ಲಿ ಅಭಿವೃದ್ಧಿ ಕಾರ್ಯಗಳಿಗೆ ಹಣವಿಲ್ಲ ಎಂದು ಬಿಜೆಪಿ ಟೀಕಿಸುತ್ತಿದೆ. ಈಗಾಗಲೇ ಗ್ಯಾರಂಟಿ ಯೋಜನೆಗಳಿಗೆ 90 ಸಾವಿರ ಕೋಟಿ ರೂ. ಖರ್ಚು ಮಾಡಲಾಗಿದೆ. 2024–25 ನೇ ಸಾಲಿನಲ್ಲಿ 51 ಸಾವಿರ ಕೋಟಿ
ರೂ. ಗಳನ್ನು ಅಭಿವೃದ್ಧಿ ಕಾರ್ಯಗಳಿಗೆ ವಿನಿಯೋಗಿಸಲಾಗಿದೆ. ಕಳೆದ ವರ್ಷ ಗ್ಯಾರಂಟಿ ಯೋಜನೆಗಳಿಗೆ 52.9 ಸಾವಿರ ಕೋಟಿ ರೂ. ಹಾಗೂ ಈ ವರ್ಷ 50.18 ಸಾವಿರ ಕೋಟಿ ರೂ. ಮೀಸಲಿರಿಸಲಾಗಿದೆ. 2024–25 ನೇ ಸಾಲಿನಲ್ಲಿ 3,71,000 ಕೋಟಿ ರೂ. ಬಜೆಟ್ ಗಾತ್ರವನ್ನು 2025–26 ನೇ ಸಾಲಿನಲ್ಲಿ ಬಜೆಟ್ ನ ಗಾತ್ರವನ್ನು 4,09,000 ಕೋಟಿ ರೂ. ಗೆ ಹೆಚ್ಚಿಸಲಾಗಿದೆ. ಅಂದರೆ ಸುಮಾರು 38,000 ಕೋಟಿ ರೂ. ಹೆಚ್ಚಳವಾಗಿದೆ ಎಂದು ತಿಳಿಸಿದ ಮುಖ್ಯಮಂತ್ರಿಗಳು, ಗ್ಯಾರಂಟಿ ಯೋಜನೆಗಳಿಂದ ರಾಜ್ಯದ ಆರ್ಥಿಕ ಸ್ಥಿತಿ ಹದಗೆಟ್ಟಿಲ್ಲ ಎಂದರು. ಜನರಿಗೆ ತಿಳಿಯಪಡಿಸುವ ಉದ್ದೇಶದಿಂದ ಮೇ 20
ರಂದು ನಡೆಯುವ ಸಮರ್ಪಣಾ ಸಂಕಲ್ಪ ಸಮಾವೇಶದ ಕಾರ್ಯಕ್ರಮದಲ್ಲಿ ಜಾತಿ, ಧರ್ಮ, ಪಕ್ಷಭೇದ ಮರೆತು ಎಲ್ಲರೂ ಭಾಗವಹಿಸಬೇಕು ಎಂದು ಮನವಿ ಮಾಡಿದರು. ಕಾರ್ಯಕ್ರಮದಲ್ಲಿ ಲೋಕಸಭಾ ವಿರೋಧ ಪಕ್ಷದ ನಾಯಕ ರಾಹುಲ್ ಗಾಂಧಿ, ಎಐಸಿಸಿ ಅಧ್ಯಕ್ಷ ಮಲ್ಲಿಕಾರ್ಜುನ ಖರ್ಗೆ ಸೇರಿದಂತೆ ಸಚಿವರು, ಶಾಸಕರು ಭಾಗವಹಿಸಲಿದ್ದಾರೆ. ಕಾರ್ಯಕ್ರಮದಲ್ಲಿ 1 ಲಕ್ಷಕ್ಕೂ ಹೆಚ್ಚು ಫಲಾನುಭವಿಗಳಿಗೆ ಹಕ್ಕುಪತ್ರ ವಿತರಿಸಲಾಗುವುದು. ಸಿದ್ಧತೆ ಪರಿಶೀಲಿಸಿ ಸೂಚನೆ ನೀಡಿದರು.
